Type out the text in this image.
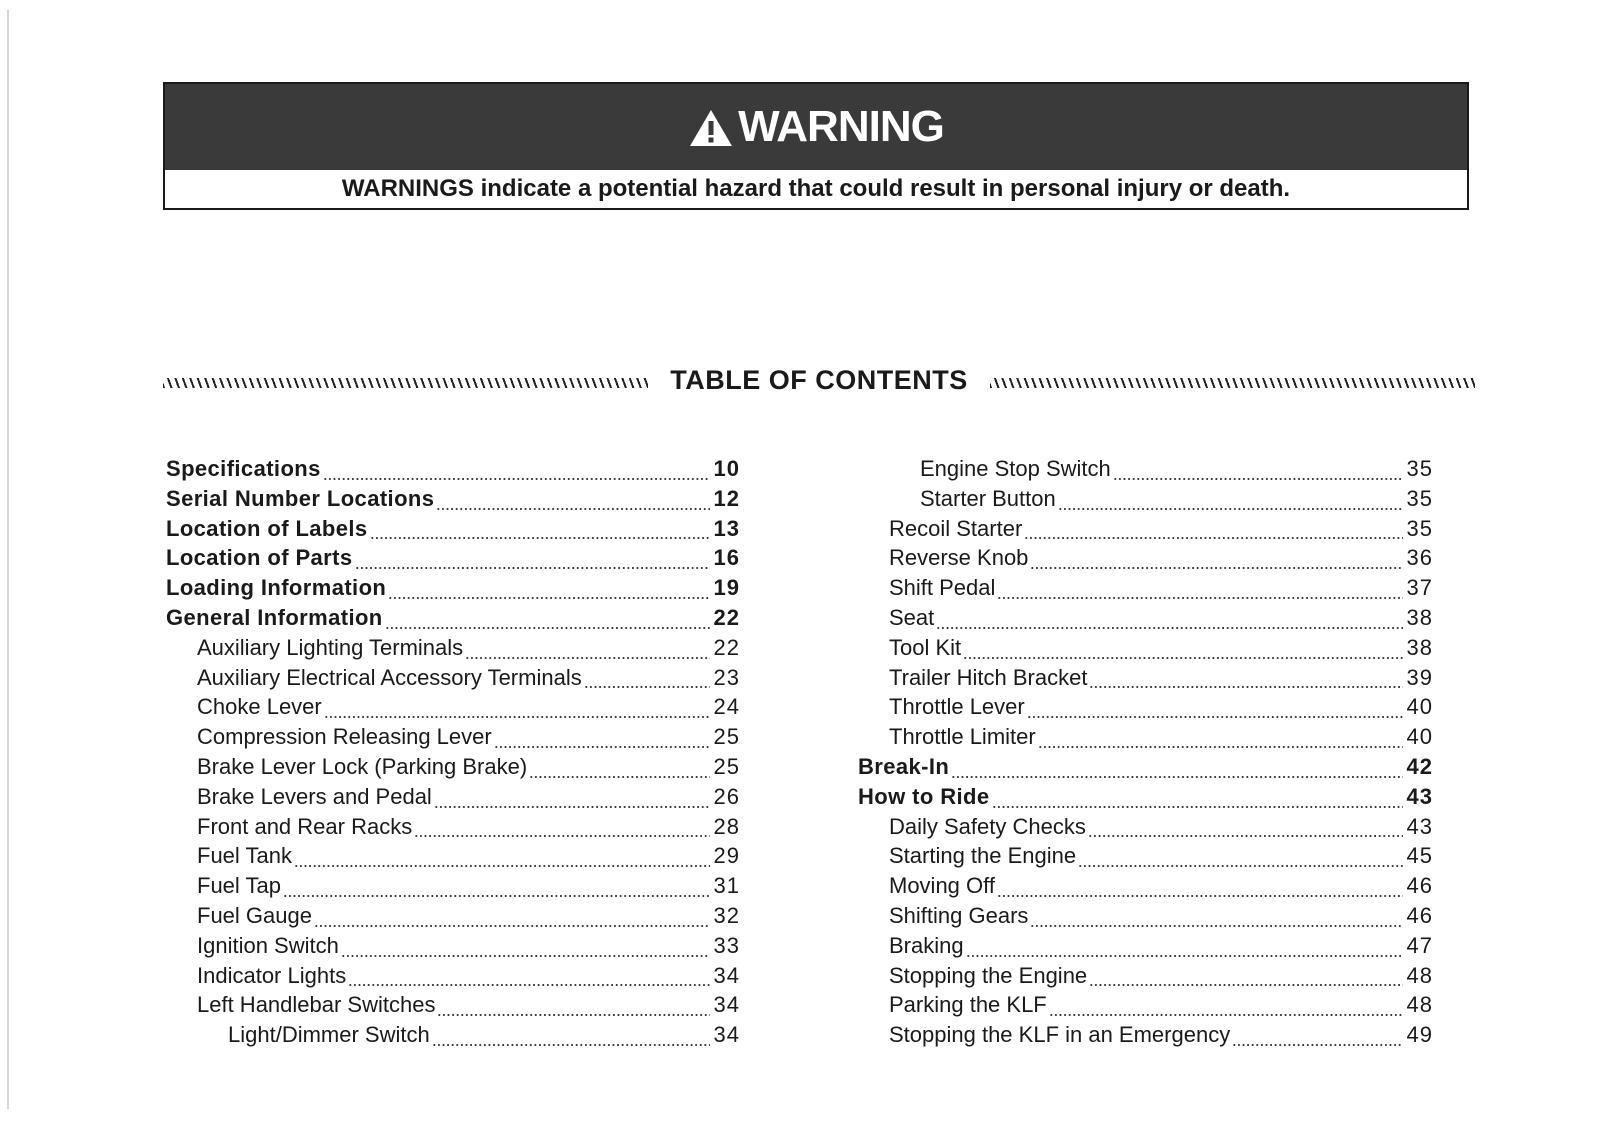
WARNING
WARNINGS indicate a potential hazard that could result in personal injury or death.
TABLE OF CONTENTS
Specifications	10
Serial Number Locations	12
Location of Labels	13
Location of Parts	16
Loading Information	19
General Information	22
Auxiliary Lighting Terminals	22
Auxiliary Electrical Accessory Terminals	23
Choke Lever	24
Compression Releasing Lever	25
Brake Lever Lock (Parking Brake)	25
Brake Levers and Pedal	26
Front and Rear Racks	28
Fuel Tank	29
Fuel Tap	31
Fuel Gauge	32
Ignition Switch	33
Indicator Lights	34
Left Handlebar Switches	34
Light/Dimmer Switch	34
Engine Stop Switch	35
Starter Button	35
Recoil Starter	35
Reverse Knob	36
Shift Pedal	37
Seat	38
Tool Kit	38
Trailer Hitch Bracket	39
Throttle Lever	40
Throttle Limiter	40
Break-In	42
How to Ride	43
Daily Safety Checks	43
Starting the Engine	45
Moving Off	46
Shifting Gears	46
Braking	47
Stopping the Engine	48
Parking the KLF	48
Stopping the KLF in an Emergency	49
